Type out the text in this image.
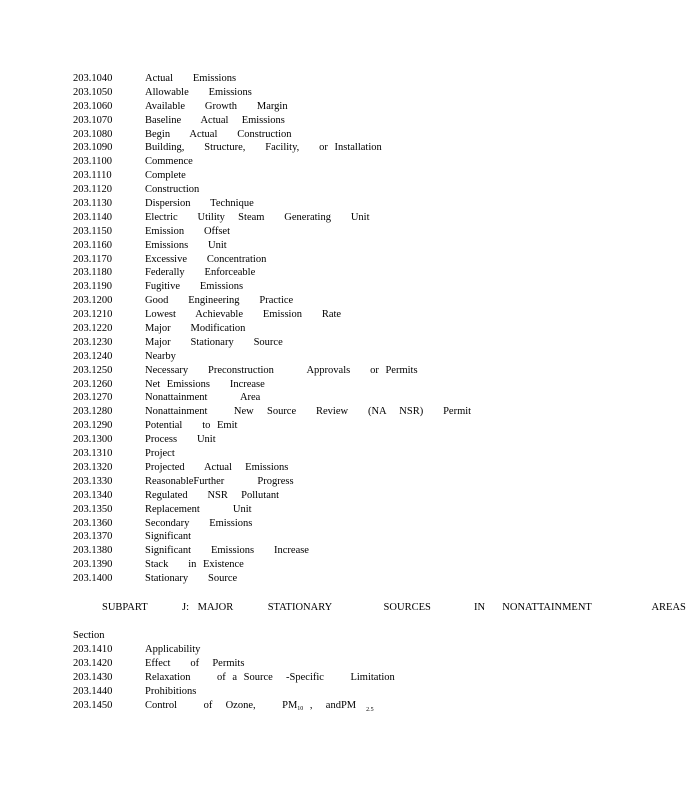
203.1040	Actual   Emissions
203.1050	Allowable   Emissions
203.1060	Available   Growth   Margin
203.1070	Baseline   Actual  Emissions
203.1080	Begin   Actual   Construction
203.1090	Building,   Structure,   Facility,   or Installation
203.1100	Commence
203.1110	Complete
203.1120	Construction
203.1130	Dispersion   Technique
203.1140	Electric   Utility  Steam   Generating   Unit
203.1150	Emission   Offset
203.1160	Emissions   Unit
203.1170	Excessive   Concentration
203.1180	Federally   Enforceable
203.1190	Fugitive   Emissions
203.1200	Good   Engineering   Practice
203.1210	Lowest   Achievable   Emission   Rate
203.1220	Major   Modification
203.1230	Major   Stationary   Source
203.1240	Nearby
203.1250	Necessary   Preconstruction     Approvals   or Permits
203.1260	Net Emissions   Increase
203.1270	Nonattainment     Area
203.1280	Nonattainment    New  Source   Review   (NA  NSR)   Permit
203.1290	Potential   to Emit
203.1300	Process   Unit
203.1310	Project
203.1320	Projected   Actual  Emissions
203.1330	ReasonableFurther     Progress
203.1340	Regulated   NSR  Pollutant
203.1350	Replacement     Unit
203.1360	Secondary   Emissions
203.1370	Significant
203.1380	Significant   Emissions   Increase
203.1390	Stack   in Existence
203.1400	Stationary   Source
SUBPART    J: MAJOR    STATIONARY      SOURCES     IN  NONATTAINMENT       AREAS
Section
203.1410	Applicability
203.1420	Effect   of  Permits
203.1430	Relaxation    of a Source  -Specific    Limitation
203.1440	Prohibitions
203.1450	Control    of  Ozone,    PM10 ,  andPM $_{2.5}$
